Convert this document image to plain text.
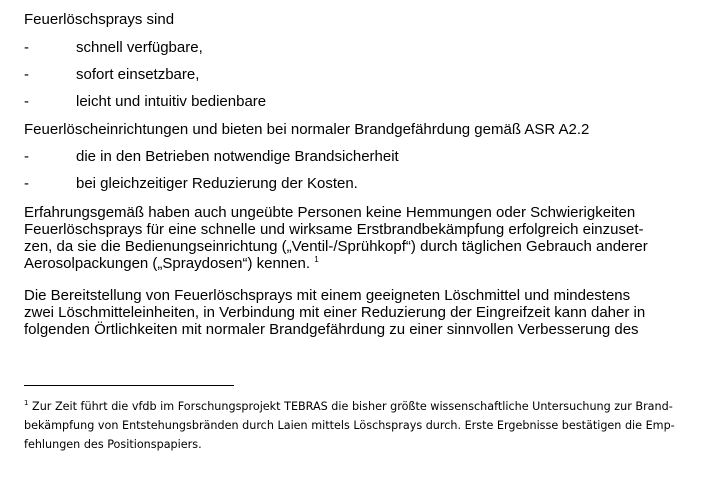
Feuerlöschsprays sind
-	schnell verfügbare,
-	sofort einsetzbare,
-	leicht und intuitiv bedienbare
Feuerlöscheinrichtungen und bieten bei normaler Brandgefährdung gemäß ASR A2.2
-	die in den Betrieben notwendige Brandsicherheit
-	bei gleichzeitiger Reduzierung der Kosten.
Erfahrungsgemäß haben auch ungeübte Personen keine Hemmungen oder Schwierigkeiten
Feuerlöschsprays für eine schnelle und wirksame Erstbrandbekämpfung erfolgreich einzuset-
zen, da sie die Bedienungseinrichtung („Ventil-/Sprühkopf“) durch täglichen Gebrauch anderer
Aerosolpackungen („Spraydosen“) kennen. $^1$
Die Bereitstellung von Feuerlöschsprays mit einem geeigneten Löschmittel und mindestens
zwei Löschmitteleinheiten, in Verbindung mit einer Reduzierung der Eingreifzeit kann daher in
folgenden Örtlichkeiten mit normaler Brandgefährdung zu einer sinnvollen Verbesserung des
$^1$ Zur Zeit führt die vfdb im Forschungsprojekt TEBRAS die bisher größte wissenschaftliche Untersuchung zur Brand-
bekämpfung von Entstehungsbränden durch Laien mittels Löschsprays durch. Erste Ergebnisse bestätigen die Emp-
fehlungen des Positionspapiers.
